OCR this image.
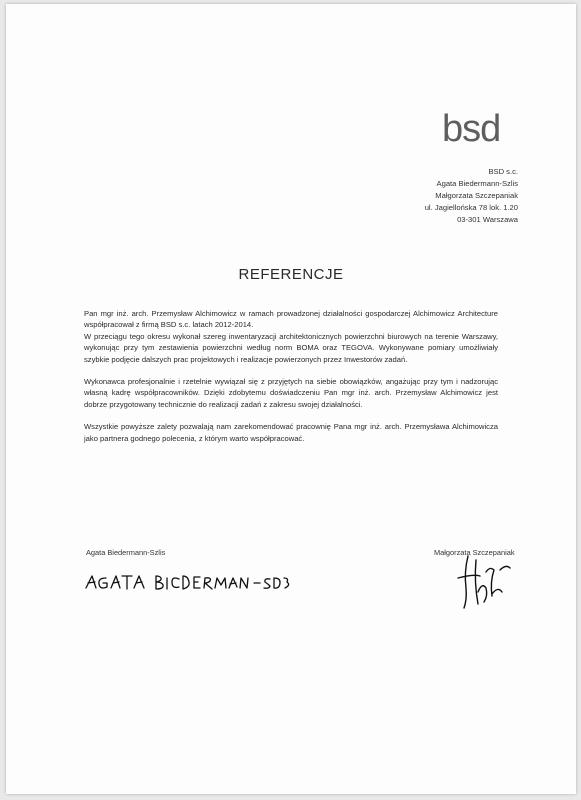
bsd
BSD s.c.
Agata Biedermann-Szlis
Małgorzata Szczepaniak
ul. Jagiellońska 78 lok. 1.20
03-301 Warszawa
REFERENCJE

Pan mgr inż. arch. Przemysław Alchimowicz w ramach prowadzonej działalności gospodarczej Alchimowicz Architecture współpracował z firmą BSD s.c. latach 2012-2014.

W przeciągu tego okresu wykonał szereg inwentaryzacji architektonicznych powierzchni biurowych na terenie Warszawy, wykonując przy tym zestawienia powierzchni według norm BOMA oraz TEGOVA. Wykonywane pomiary umożliwiały szybkie podjęcie dalszych prac projektowych i realizacje powierzonych przez Inwestorów zadań.

Wykonawca profesjonalnie i rzetelnie wywiązał się z przyjętych na siebie obowiązków, angażując przy tym i nadzorując własną kadrę współpracowników. Dzięki zdobytemu doświadczeniu Pan mgr inż. arch. Przemysław Alchimowicz jest dobrze przygotowany technicznie do realizacji zadań z zakresu swojej działalności.

Wszystkie powyższe zalety pozwalają nam zarekomendować pracownię Pana mgr inż. arch. Przemysława Alchimowicza jako partnera godnego polecenia, z którym warto współpracować.

Agata Biedermann-Szlis	Małgorzata Szczepaniak
